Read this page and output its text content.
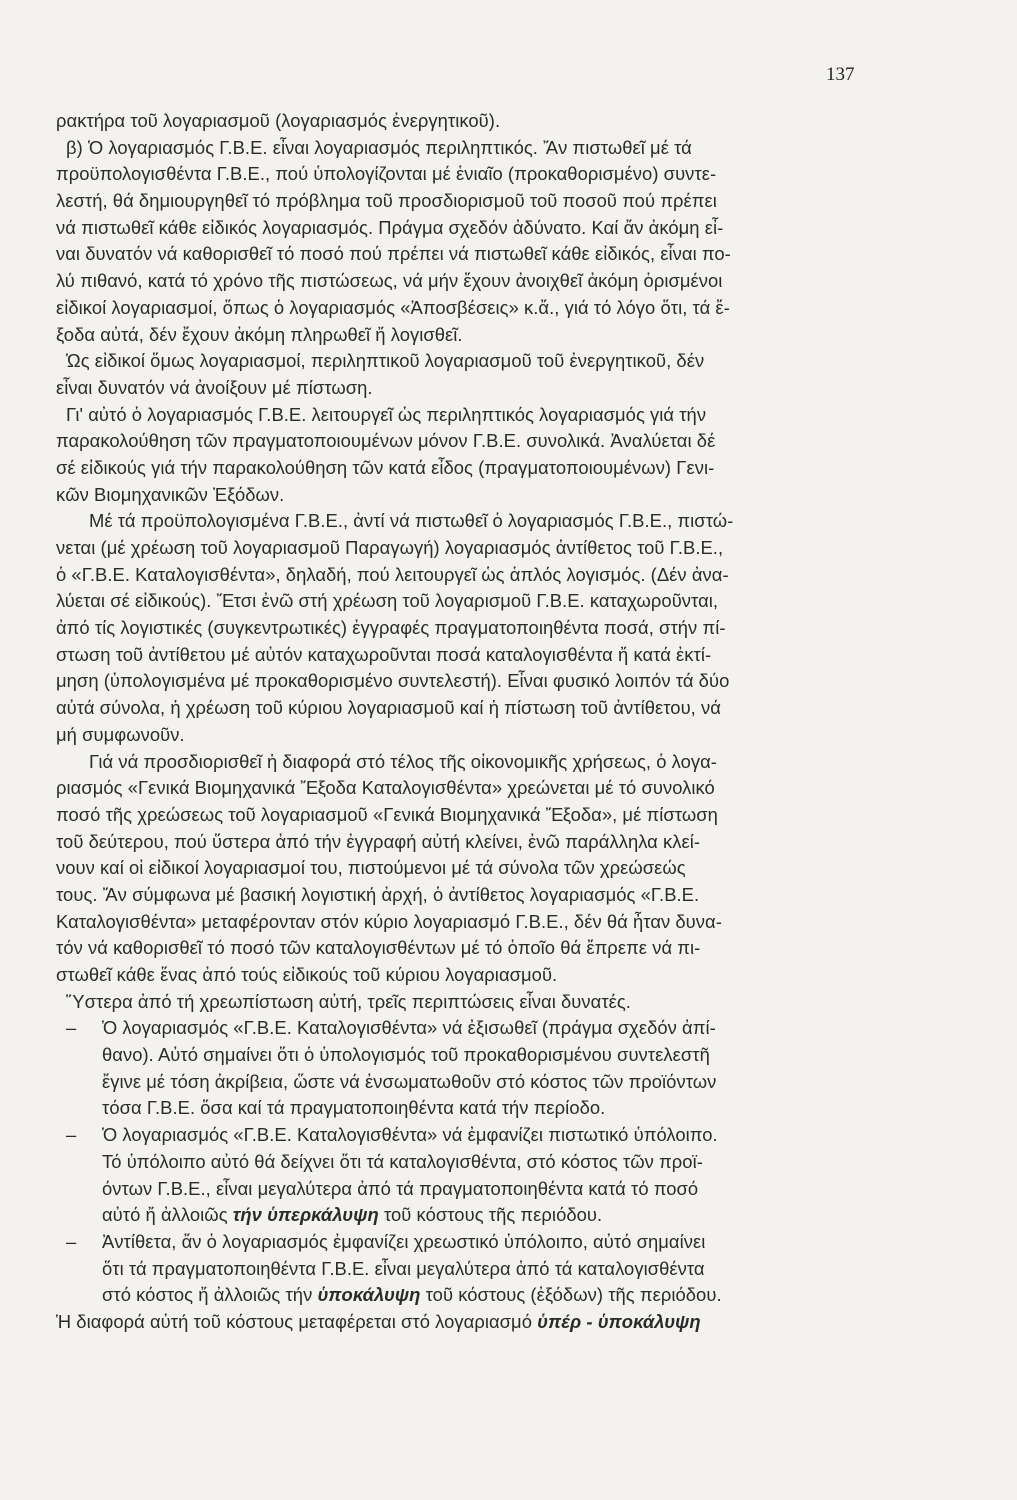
137
ρακτήρα τοῦ λογαριασμοῦ (λογαριασμός ἐνεργητικοῦ).
β) Ὁ λογαριασμός Γ.Β.Ε. εἶναι λογαριασμός περιληπτικός. Ἄν πιστωθεῖ μέ τά
προϋπολογισθέντα Γ.Β.Ε., πού ὑπολογίζονται μέ ἑνιαῖο (προκαθορισμένο) συντε-
λεστή, θά δημιουργηθεῖ τό πρόβλημα τοῦ προσδιορισμοῦ τοῦ ποσοῦ πού πρέπει
νά πιστωθεῖ κάθε εἰδικός λογαριασμός. Πράγμα σχεδόν ἀδύνατο. Καί ἄν ἀκόμη εἶ-
ναι δυνατόν νά καθορισθεῖ τό ποσό πού πρέπει νά πιστωθεῖ κάθε εἰδικός, εἶναι πο-
λύ πιθανό, κατά τό χρόνο τῆς πιστώσεως, νά μήν ἔχουν ἀνοιχθεῖ ἀκόμη ὁρισμένοι
εἰδικοί λογαριασμοί, ὅπως ὁ λογαριασμός «Ἀποσβέσεις» κ.ἄ., γιά τό λόγο ὅτι, τά ἔ-
ξοδα αὐτά, δέν ἔχουν ἀκόμη πληρωθεῖ ἤ λογισθεῖ.
Ὡς εἰδικοί ὅμως λογαριασμοί, περιληπτικοῦ λογαριασμοῦ τοῦ ἐνεργητικοῦ, δέν
εἶναι δυνατόν νά ἀνοίξουν μέ πίστωση.
Γι' αὐτό ὁ λογαριασμός Γ.Β.Ε. λειτουργεῖ ὡς περιληπτικός λογαριασμός γιά τήν
παρακολούθηση τῶν πραγματοποιουμένων μόνον Γ.Β.Ε. συνολικά. Ἀναλύεται δέ
σέ εἰδικούς γιά τήν παρακολούθηση τῶν κατά εἶδος (πραγματοποιουμένων) Γενι-
κῶν Βιομηχανικῶν Ἐξόδων.
Μέ τά προϋπολογισμένα Γ.Β.Ε., ἀντί νά πιστωθεῖ ὁ λογαριασμός Γ.Β.Ε., πιστώ-
νεται (μέ χρέωση τοῦ λογαριασμοῦ Παραγωγή) λογαριασμός ἀντίθετος τοῦ Γ.Β.Ε.,
ὁ «Γ.Β.Ε. Καταλογισθέντα», δηλαδή, πού λειτουργεῖ ὡς ἁπλός λογισμός. (Δέν ἀνα-
λύεται σέ εἰδικούς). Ἔτσι ἐνῶ στή χρέωση τοῦ λογαρισμοῦ Γ.Β.Ε. καταχωροῦνται,
ἀπό τίς λογιστικές (συγκεντρωτικές) ἐγγραφές πραγματοποιηθέντα ποσά, στήν πί-
στωση τοῦ ἀντίθετου μέ αὐτόν καταχωροῦνται ποσά καταλογισθέντα ἤ κατά ἐκτί-
μηση (ὑπολογισμένα μέ προκαθορισμένο συντελεστή). Εἶναι φυσικό λοιπόν τά δύο
αὐτά σύνολα, ἡ χρέωση τοῦ κύριου λογαριασμοῦ καί ἡ πίστωση τοῦ ἀντίθετου, νά
μή συμφωνοῦν.
Γιά νά προσδιορισθεῖ ἡ διαφορά στό τέλος τῆς οἰκονομικῆς χρήσεως, ὁ λογα-
ριασμός «Γενικά Βιομηχανικά Ἔξοδα Καταλογισθέντα» χρεώνεται μέ τό συνολικό
ποσό τῆς χρεώσεως τοῦ λογαριασμοῦ «Γενικά Βιομηχανικά Ἔξοδα», μέ πίστωση
τοῦ δεύτερου, πού ὕστερα ἀπό τήν ἐγγραφή αὐτή κλείνει, ἐνῶ παράλληλα κλεί-
νουν καί οἱ εἰδικοί λογαριασμοί του, πιστούμενοι μέ τά σύνολα τῶν χρεώσεώς
τους. Ἄν σύμφωνα μέ βασική λογιστική ἀρχή, ὁ ἀντίθετος λογαριασμός «Γ.Β.Ε.
Καταλογισθέντα» μεταφέρονταν στόν κύριο λογαριασμό Γ.Β.Ε., δέν θά ἦταν δυνα-
τόν νά καθορισθεῖ τό ποσό τῶν καταλογισθέντων μέ τό ὁποῖο θά ἔπρεπε νά πι-
στωθεῖ κάθε ἕνας ἀπό τούς εἰδικούς τοῦ κύριου λογαριασμοῦ.
Ὕστερα ἀπό τή χρεωπίστωση αὐτή, τρεῖς περιπτώσεις εἶναι δυνατές.
– Ὁ λογαριασμός «Γ.Β.Ε. Καταλογισθέντα» νά ἐξισωθεῖ (πράγμα σχεδόν ἀπί-
θανο). Αὐτό σημαίνει ὅτι ὁ ὑπολογισμός τοῦ προκαθορισμένου συντελεστῆ
ἔγινε μέ τόση ἀκρίβεια, ὥστε νά ἐνσωματωθοῦν στό κόστος τῶν προϊόντων
τόσα Γ.Β.Ε. ὅσα καί τά πραγματοποιηθέντα κατά τήν περίοδο.
– Ὁ λογαριασμός «Γ.Β.Ε. Καταλογισθέντα» νά ἐμφανίζει πιστωτικό ὑπόλοιπο.
Τό ὑπόλοιπο αὐτό θά δείχνει ὅτι τά καταλογισθέντα, στό κόστος τῶν προϊ-
όντων Γ.Β.Ε., εἶναι μεγαλύτερα ἀπό τά πραγματοποιηθέντα κατά τό ποσό
αὐτό ἤ ἀλλοιῶς τήν ὑπερκάλυψη τοῦ κόστους τῆς περιόδου.
– Ἀντίθετα, ἄν ὁ λογαριασμός ἐμφανίζει χρεωστικό ὑπόλοιπο, αὐτό σημαίνει
ὅτι τά πραγματοποιηθέντα Γ.Β.Ε. εἶναι μεγαλύτερα ἀπό τά καταλογισθέντα
στό κόστος ἤ ἀλλοιῶς τήν ὑποκάλυψη τοῦ κόστους (ἐξόδων) τῆς περιόδου.
Ἡ διαφορά αὐτή τοῦ κόστους μεταφέρεται στό λογαριασμό ὑπέρ - ὑποκάλυψη
